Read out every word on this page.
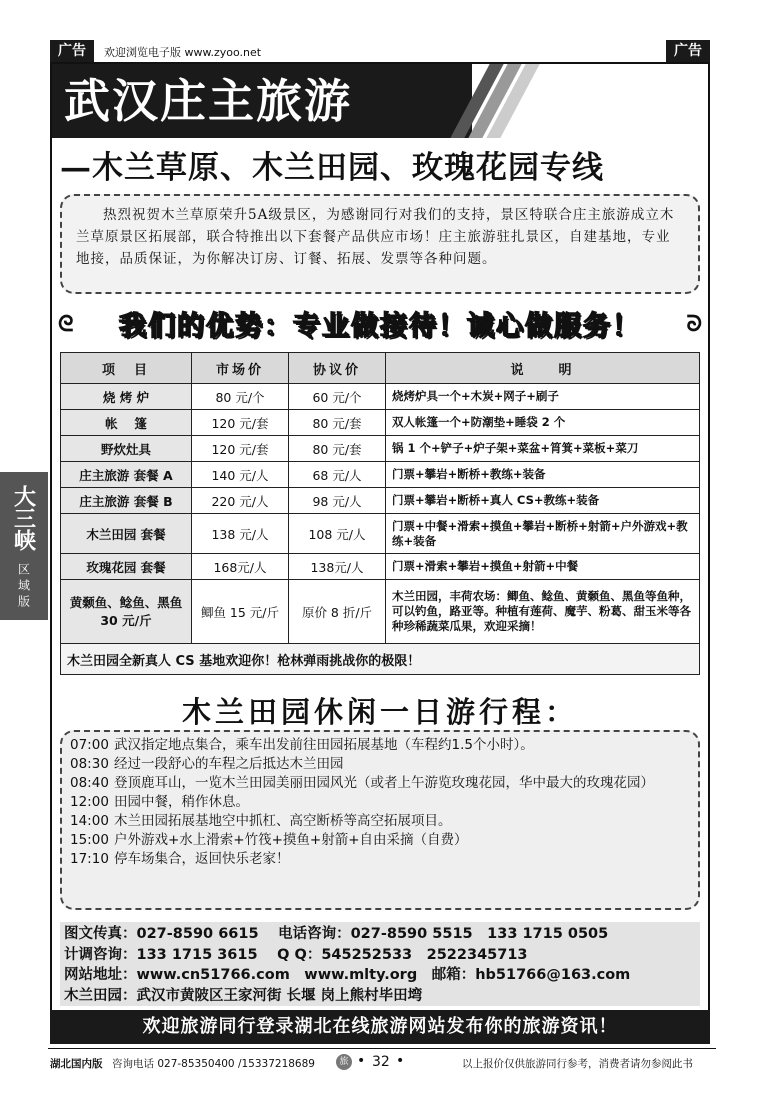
广告	欢迎浏览电子版 www.zyoo.net	广告
大三峡
区域版
武汉庄主旅游
—木兰草原、木兰田园、玫瑰花园专线
热烈祝贺木兰草原荣升5A级景区，为感谢同行对我们的支持，景区特联合庄主旅游成立木兰草原景区拓展部，联合特推出以下套餐产品供应市场！庄主旅游驻扎景区，自建基地，专业地接，品质保证，为你解决订房、订餐、拓展、发票等各种问题。
ᘓ	ᘐ
我们的优势：专业做接待！诚心做服务！
项　目	市场价	协议价	说　　明
烧 烤 炉	80 元/个	60 元/个	烧烤炉具一个+木炭+网子+刷子
帐　 篷	120 元/套	80 元/套	双人帐篷一个+防潮垫+睡袋 2 个
野炊灶具	120 元/套	80 元/套	锅 1 个+铲子+炉子架+菜盆+筲箕+菜板+菜刀
庄主旅游 套餐 A	140 元/人	68 元/人	门票+攀岩+断桥+教练+装备
庄主旅游 套餐 B	220 元/人	98 元/人	门票+攀岩+断桥+真人 CS+教练+装备
木兰田园 套餐	138 元/人	108 元/人	门票+中餐+滑索+摸鱼+攀岩+断桥+射箭+户外游戏+教练+装备
玫瑰花园 套餐	168元/人	138元/人	门票+滑索+攀岩+摸鱼+射箭+中餐
黄颡鱼、鲶鱼、黑鱼 30 元/斤	鲫鱼 15 元/斤	原价 8 折/斤	木兰田园，丰荷农场：鲫鱼、鲶鱼、黄颡鱼、黑鱼等鱼种，可以钓鱼，路亚等。种植有莲荷、魔芋、粉葛、甜玉米等各种珍稀蔬菜瓜果，欢迎采摘！
木兰田园全新真人 CS 基地欢迎你！枪林弹雨挑战你的极限！			
木兰田园休闲一日游行程：
07:00 武汉指定地点集合，乘车出发前往田园拓展基地（车程约1.5个小时）。
08:30 经过一段舒心的车程之后抵达木兰田园
08:40 登顶鹿耳山，一览木兰田园美丽田园风光（或者上午游览玫瑰花园，华中最大的玫瑰花园）
12:00 田园中餐，稍作休息。
14:00 木兰田园拓展基地空中抓杠、高空断桥等高空拓展项目。
15:00 户外游戏+水上滑索+竹筏+摸鱼+射箭+自由采摘（自费）
17:10 停车场集合，返回快乐老家！
图文传真：027-8590 6615　 电话咨询：027-8590 5515　133 1715 0505
计调咨询：133 1715 3615　 Q Q：545252533　2522345713
网站地址：www.cn51766.com　www.mlty.org　邮箱：hb51766@163.com
木兰田园：武汉市黄陂区王家河街 长堰 岗上熊村毕田塆
欢迎旅游同行登录湖北在线旅游网站发布你的旅游资讯！
湖北国内版 咨询电话 027-85350400 /15337218689	旅 • 32 •	以上报价仅供旅游同行参考，消费者请勿参阅此书
